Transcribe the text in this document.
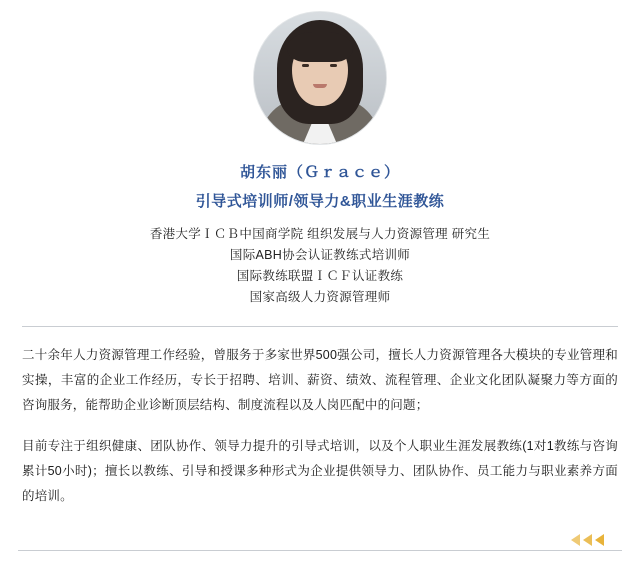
胡东丽（Ｇｒａｃｅ）
引导式培训师/领导力&职业生涯教练
香港大学ＩＣＢ中国商学院 组织发展与人力资源管理 研究生
国际ABH协会认证教练式培训师
国际教练联盟ＩＣＦ认证教练
国家高级人力资源管理师

二十余年人力资源管理工作经验，曾服务于多家世界500强公司，擅长人力资源管理各大模块的专业管理和实操，丰富的企业工作经历，专长于招聘、培训、薪资、绩效、流程管理、企业文化团队凝聚力等方面的咨询服务，能帮助企业诊断顶层结构、制度流程以及人岗匹配中的问题；

目前专注于组织健康、团队协作、领导力提升的引导式培训，以及个人职业生涯发展教练(1对1教练与咨询累计50小时)；擅长以教练、引导和授课多种形式为企业提供领导力、团队协作、员工能力与职业素养方面的培训。
